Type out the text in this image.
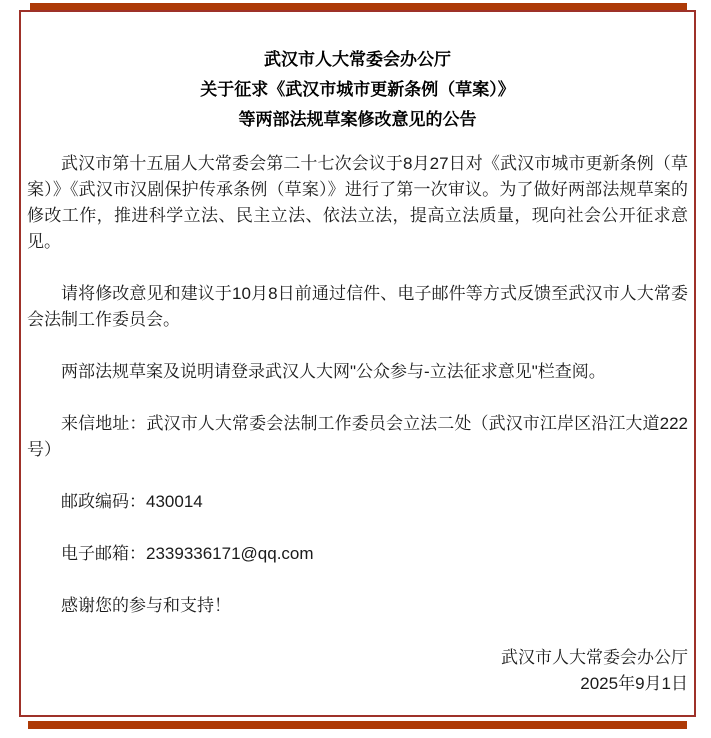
武汉市人大常委会办公厅
关于征求《武汉市城市更新条例（草案）》
等两部法规草案修改意见的公告

武汉市第十五届人大常委会第二十七次会议于8月27日对《武汉市城市更新条例（草案）》《武汉市汉剧保护传承条例（草案）》进行了第一次审议。为了做好两部法规草案的修改工作，推进科学立法、民主立法、依法立法，提高立法质量，现向社会公开征求意见。

请将修改意见和建议于10月8日前通过信件、电子邮件等方式反馈至武汉市人大常委会法制工作委员会。

两部法规草案及说明请登录武汉人大网"公众参与-立法征求意见"栏查阅。

来信地址：武汉市人大常委会法制工作委员会立法二处（武汉市江岸区沿江大道222号）

邮政编码：430014

电子邮箱：2339336171@qq.com

感谢您的参与和支持！

武汉市人大常委会办公厅
2025年9月1日
